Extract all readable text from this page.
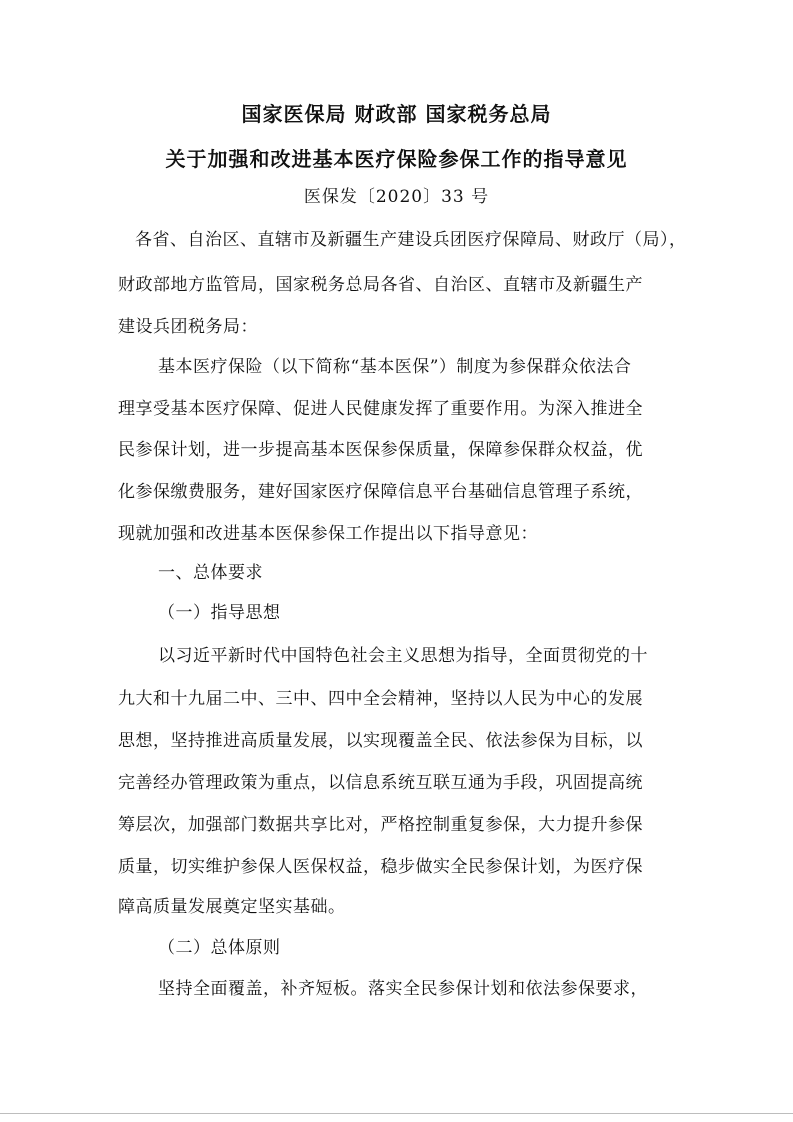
国家医保局 财政部 国家税务总局
关于加强和改进基本医疗保险参保工作的指导意见
医保发〔2020〕33 号
各省、自治区、直辖市及新疆生产建设兵团医疗保障局、财政厅（局），
财政部地方监管局，国家税务总局各省、自治区、直辖市及新疆生产
建设兵团税务局：
基本医疗保险（以下简称“基本医保”）制度为参保群众依法合
理享受基本医疗保障、促进人民健康发挥了重要作用。为深入推进全
民参保计划，进一步提高基本医保参保质量，保障参保群众权益，优
化参保缴费服务，建好国家医疗保障信息平台基础信息管理子系统，
现就加强和改进基本医保参保工作提出以下指导意见：
一、总体要求
（一）指导思想
以习近平新时代中国特色社会主义思想为指导，全面贯彻党的十
九大和十九届二中、三中、四中全会精神，坚持以人民为中心的发展
思想，坚持推进高质量发展，以实现覆盖全民、依法参保为目标，以
完善经办管理政策为重点，以信息系统互联互通为手段，巩固提高统
筹层次，加强部门数据共享比对，严格控制重复参保，大力提升参保
质量，切实维护参保人医保权益，稳步做实全民参保计划，为医疗保
障高质量发展奠定坚实基础。
（二）总体原则
坚持全面覆盖，补齐短板。落实全民参保计划和依法参保要求，
